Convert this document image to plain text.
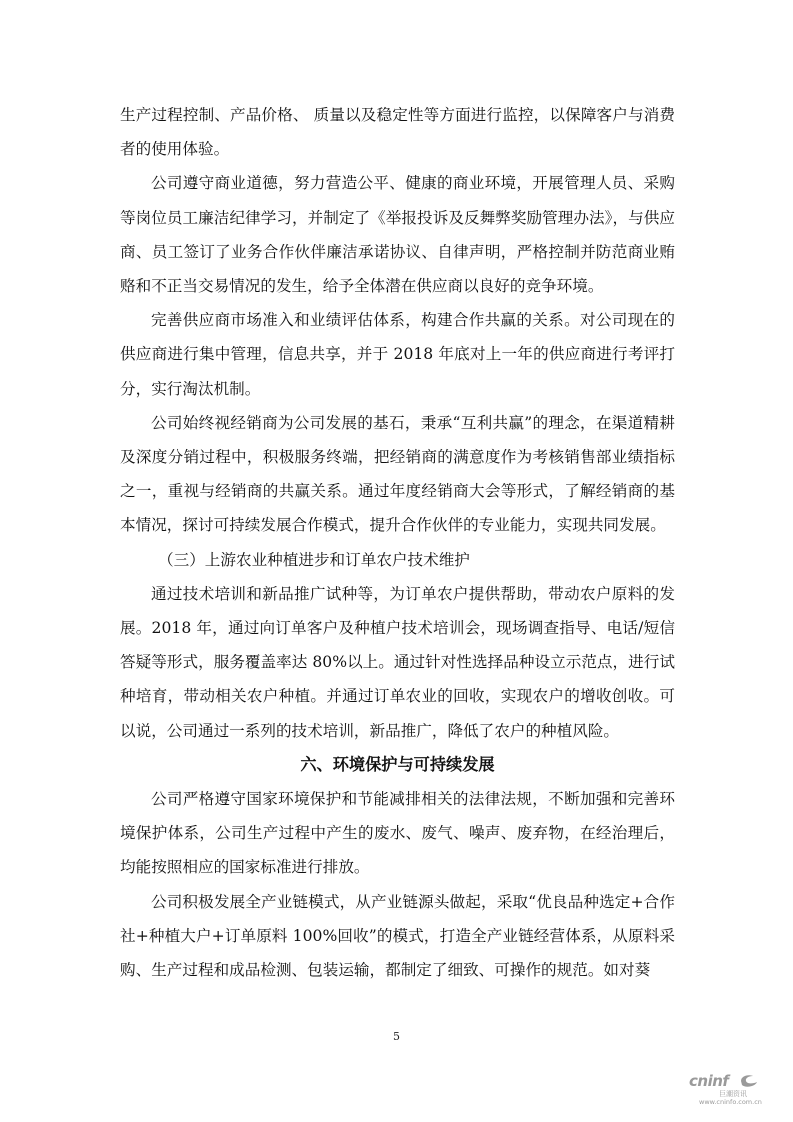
生产过程控制、产品价格、 质量以及稳定性等方面进行监控，以保障客户与消费者的使用体验。

公司遵守商业道德，努力营造公平、健康的商业环境，开展管理人员、采购等岗位员工廉洁纪律学习，并制定了《举报投诉及反舞弊奖励管理办法》，与供应商、员工签订了业务合作伙伴廉洁承诺协议、自律声明，严格控制并防范商业贿赂和不正当交易情况的发生，给予全体潜在供应商以良好的竞争环境。

完善供应商市场准入和业绩评估体系，构建合作共赢的关系。对公司现在的供应商进行集中管理，信息共享，并于 2018 年底对上一年的供应商进行考评打分，实行淘汰机制。

公司始终视经销商为公司发展的基石，秉承“互利共赢”的理念，在渠道精耕及深度分销过程中，积极服务终端，把经销商的满意度作为考核销售部业绩指标之一，重视与经销商的共赢关系。通过年度经销商大会等形式，了解经销商的基本情况，探讨可持续发展合作模式，提升合作伙伴的专业能力，实现共同发展。

（三）上游农业种植进步和订单农户技术维护

通过技术培训和新品推广试种等，为订单农户提供帮助，带动农户原料的发展。2018 年，通过向订单客户及种植户技术培训会，现场调查指导、电话/短信答疑等形式，服务覆盖率达 80%以上。通过针对性选择品种设立示范点，进行试种培育，带动相关农户种植。并通过订单农业的回收，实现农户的增收创收。可以说，公司通过一系列的技术培训，新品推广，降低了农户的种植风险。

六、环境保护与可持续发展

公司严格遵守国家环境保护和节能减排相关的法律法规，不断加强和完善环境保护体系，公司生产过程中产生的废水、废气、噪声、废弃物，在经治理后，均能按照相应的国家标准进行排放。

公司积极发展全产业链模式，从产业链源头做起，采取“优良品种选定+合作社+种植大户+订单原料 100%回收”的模式，打造全产业链经营体系，从原料采购、生产过程和成品检测、包装运输，都制定了细致、可操作的规范。如对葵

5
cninf
巨潮资讯
www.cninfo.com.cn
